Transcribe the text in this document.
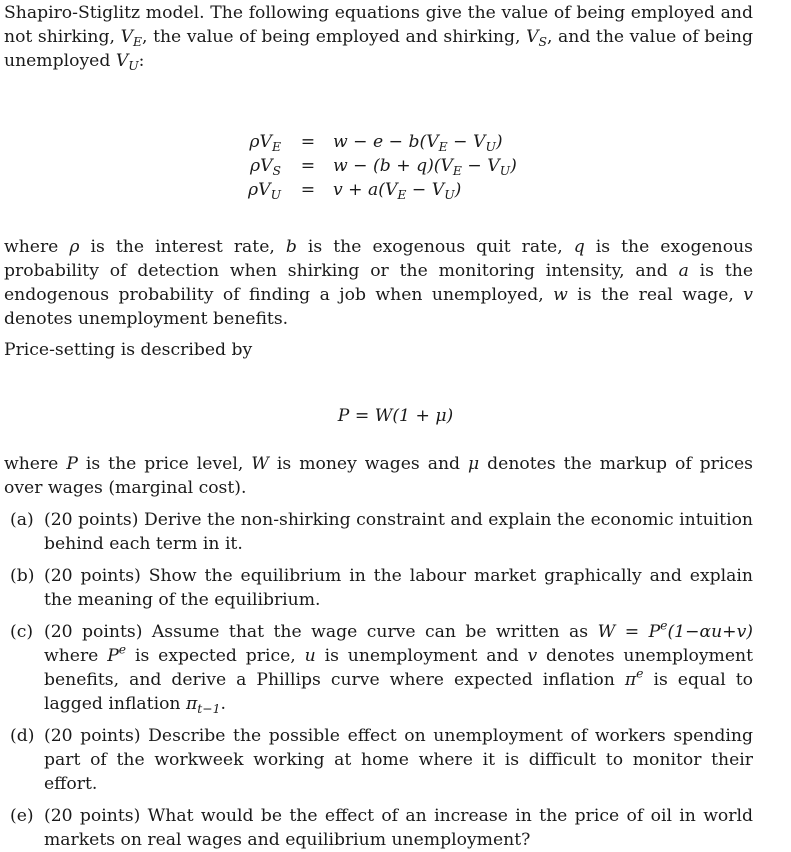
Shapiro-Stiglitz model. The following equations give the value of being employed and not shirking, $V_E$, the value of being employed and shirking, $V_S$, and the value of being unemployed $V_U$:

$\rho V_E$	=	$w - e - b(V_E - V_U)$
$\rho V_S$	=	$w - (b + q)(V_E - V_U)$
$\rho V_U$	=	$v + a(V_E - V_U)$

where ρ is the interest rate, b is the exogenous quit rate, q is the exogenous probability of detection when shirking or the monitoring intensity, and a is the endogenous probability of finding a job when unemployed, w is the real wage, v denotes unemployment benefits.

Price-setting is described by

P = W(1 + μ)

where P is the price level, W is money wages and μ denotes the markup of prices over wages (marginal cost).

(a) (20 points) Derive the non-shirking constraint and explain the economic intuition behind each term in it.
(b) (20 points) Show the equilibrium in the labour market graphically and explain the meaning of the equilibrium.
(c) (20 points) Assume that the wage curve can be written as $W = P^e(1-\alpha u+v)$ where $P^e$ is expected price, u is unemployment and v denotes unemployment benefits, and derive a Phillips curve where expected inflation $\pi^e$ is equal to lagged inflation $\pi_{t-1}$.
(d) (20 points) Describe the possible effect on unemployment of workers spending part of the workweek working at home where it is difficult to monitor their effort.
(e) (20 points) What would be the effect of an increase in the price of oil in world markets on real wages and equilibrium unemployment?
